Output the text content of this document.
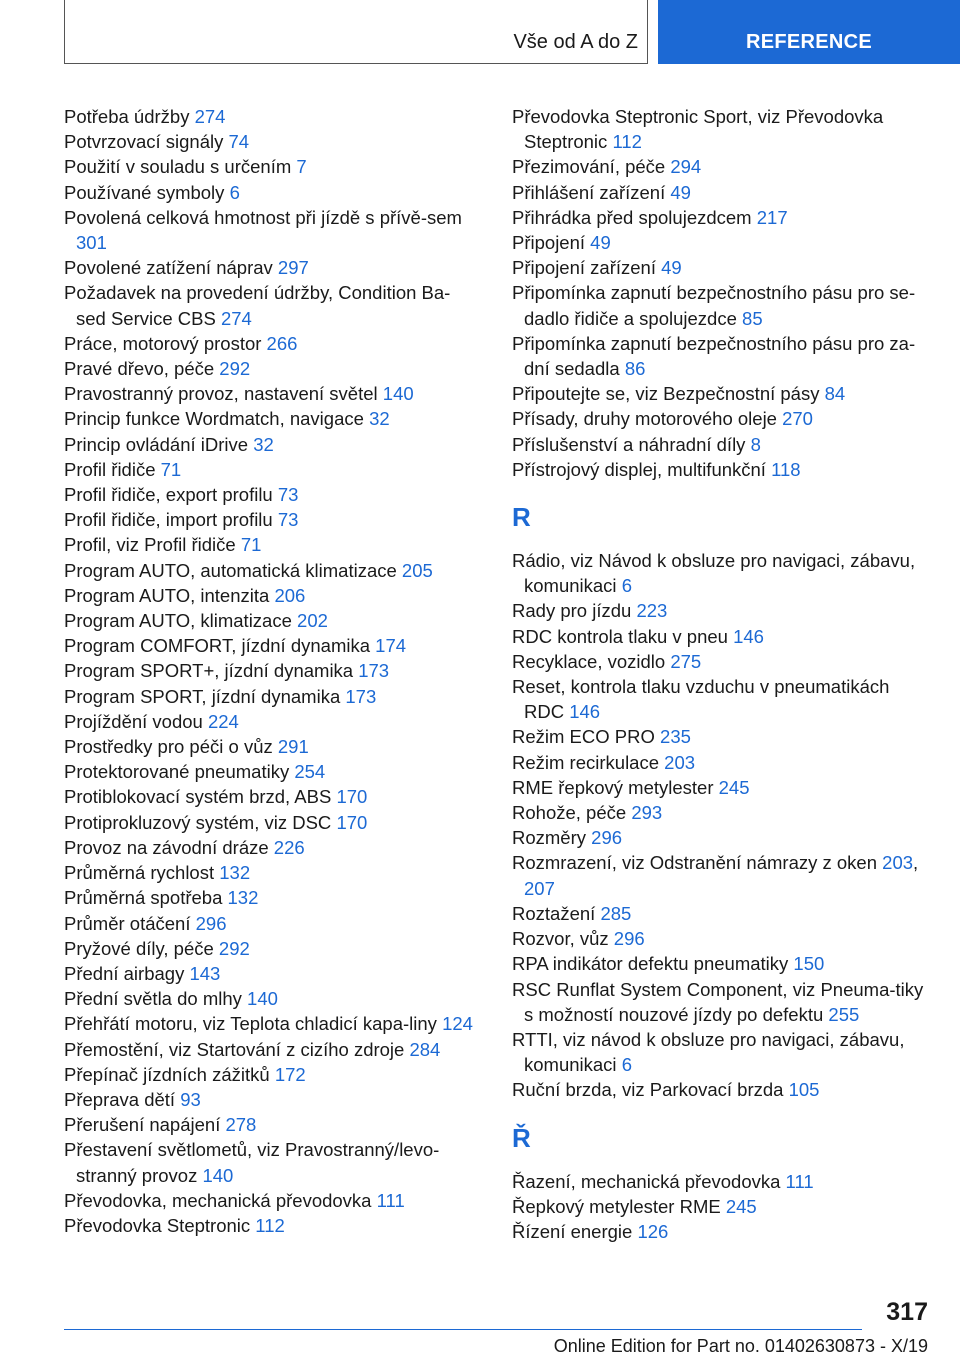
Vše od A do Z	REFERENCE
Potřeba údržby 274
Potvrzovací signály 74
Použití v souladu s určením 7
Používané symboly 6
Povolená celková hmotnost při jízdě s přívě‐sem 301
Povolené zatížení náprav 297
Požadavek na provedení údržby, Condition Ba‐sed Service CBS 274
Práce, motorový prostor 266
Pravé dřevo, péče 292
Pravostranný provoz, nastavení světel 140
Princip funkce Wordmatch, navigace 32
Princip ovládání iDrive 32
Profil řidiče 71
Profil řidiče, export profilu 73
Profil řidiče, import profilu 73
Profil, viz Profil řidiče 71
Program AUTO, automatická klimatizace 205
Program AUTO, intenzita 206
Program AUTO, klimatizace 202
Program COMFORT, jízdní dynamika 174
Program SPORT+, jízdní dynamika 173
Program SPORT, jízdní dynamika 173
Projíždění vodou 224
Prostředky pro péči o vůz 291
Protektorované pneumatiky 254
Protiblokovací systém brzd, ABS 170
Protiprokluzový systém, viz DSC 170
Provoz na závodní dráze 226
Průměrná rychlost 132
Průměrná spotřeba 132
Průměr otáčení 296
Pryžové díly, péče 292
Přední airbagy 143
Přední světla do mlhy 140
Přehřátí motoru, viz Teplota chladicí kapa‐liny 124
Přemostění, viz Startování z cizího zdroje 284
Přepínač jízdních zážitků 172
Přeprava dětí 93
Přerušení napájení 278
Přestavení světlometů, viz Pravostranný/levo‐stranný provoz 140
Převodovka, mechanická převodovka 111
Převodovka Steptronic 112
Převodovka Steptronic Sport, viz Převodovka Steptronic 112
Přezimování, péče 294
Přihlášení zařízení 49
Přihrádka před spolujezdcem 217
Připojení 49
Připojení zařízení 49
Připomínka zapnutí bezpečnostního pásu pro se‐dadlo řidiče a spolujezdce 85
Připomínka zapnutí bezpečnostního pásu pro za‐dní sedadla 86
Připoutejte se, viz Bezpečnostní pásy 84
Přísady, druhy motorového oleje 270
Příslušenství a náhradní díly 8
Přístrojový displej, multifunkční 118
R
Rádio, viz Návod k obsluze pro navigaci, zábavu, komunikaci 6
Rady pro jízdu 223
RDC kontrola tlaku v pneu 146
Recyklace, vozidlo 275
Reset, kontrola tlaku vzduchu v pneumatikách RDC 146
Režim ECO PRO 235
Režim recirkulace 203
RME řepkový metylester 245
Rohože, péče 293
Rozměry 296
Rozmrazení, viz Odstranění námrazy z oken 203, 207
Roztažení 285
Rozvor, vůz 296
RPA indikátor defektu pneumatiky 150
RSC Runflat System Component, viz Pneuma‐tiky s možností nouzové jízdy po defektu 255
RTTI, viz návod k obsluze pro navigaci, zábavu, komunikaci 6
Ruční brzda, viz Parkovací brzda 105
Ř
Řazení, mechanická převodovka 111
Řepkový metylester RME 245
Řízení energie 126
317
Online Edition for Part no. 01402630873 - X/19
